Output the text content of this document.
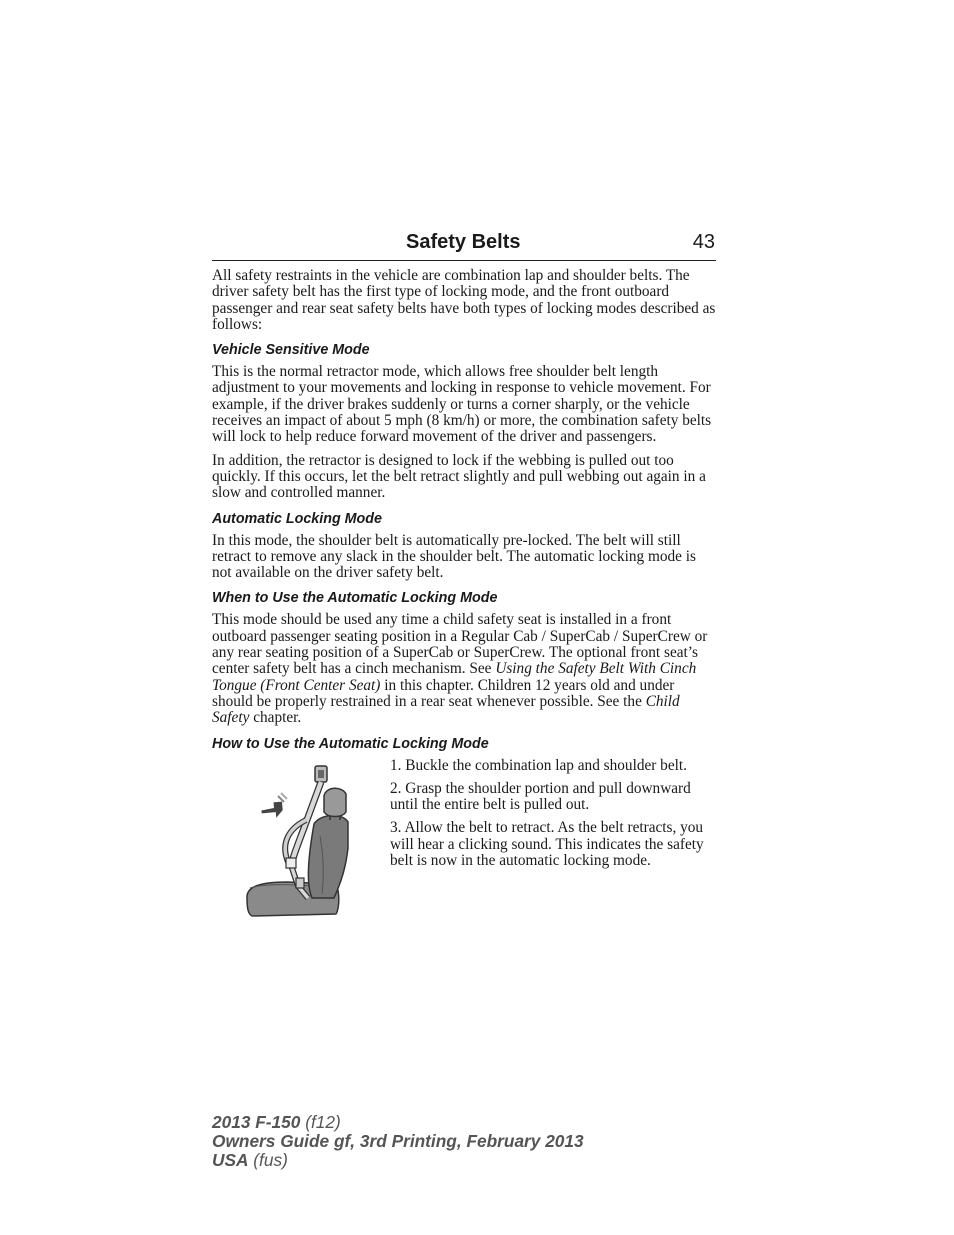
Safety Belts	43

All safety restraints in the vehicle are combination lap and shoulder belts. The driver safety belt has the first type of locking mode, and the front outboard passenger and rear seat safety belts have both types of locking modes described as follows:

Vehicle Sensitive Mode

This is the normal retractor mode, which allows free shoulder belt length adjustment to your movements and locking in response to vehicle movement. For example, if the driver brakes suddenly or turns a corner sharply, or the vehicle receives an impact of about 5 mph (8 km/h) or more, the combination safety belts will lock to help reduce forward movement of the driver and passengers.

In addition, the retractor is designed to lock if the webbing is pulled out too quickly. If this occurs, let the belt retract slightly and pull webbing out again in a slow and controlled manner.

Automatic Locking Mode

In this mode, the shoulder belt is automatically pre-locked. The belt will still retract to remove any slack in the shoulder belt. The automatic locking mode is not available on the driver safety belt.

When to Use the Automatic Locking Mode

This mode should be used any time a child safety seat is installed in a front outboard passenger seating position in a Regular Cab / SuperCab / SuperCrew or any rear seating position of a SuperCab or SuperCrew. The optional front seat’s center safety belt has a cinch mechanism. See Using the Safety Belt With Cinch Tongue (Front Center Seat) in this chapter. Children 12 years old and under should be properly restrained in a rear seat whenever possible. See the Child Safety chapter.

How to Use the Automatic Locking Mode

1. Buckle the combination lap and shoulder belt.

2. Grasp the shoulder portion and pull downward until the entire belt is pulled out.

3. Allow the belt to retract. As the belt retracts, you will hear a clicking sound. This indicates the safety belt is now in the automatic locking mode.

2013 F-150 (f12)
Owners Guide gf, 3rd Printing, February 2013
USA (fus)
